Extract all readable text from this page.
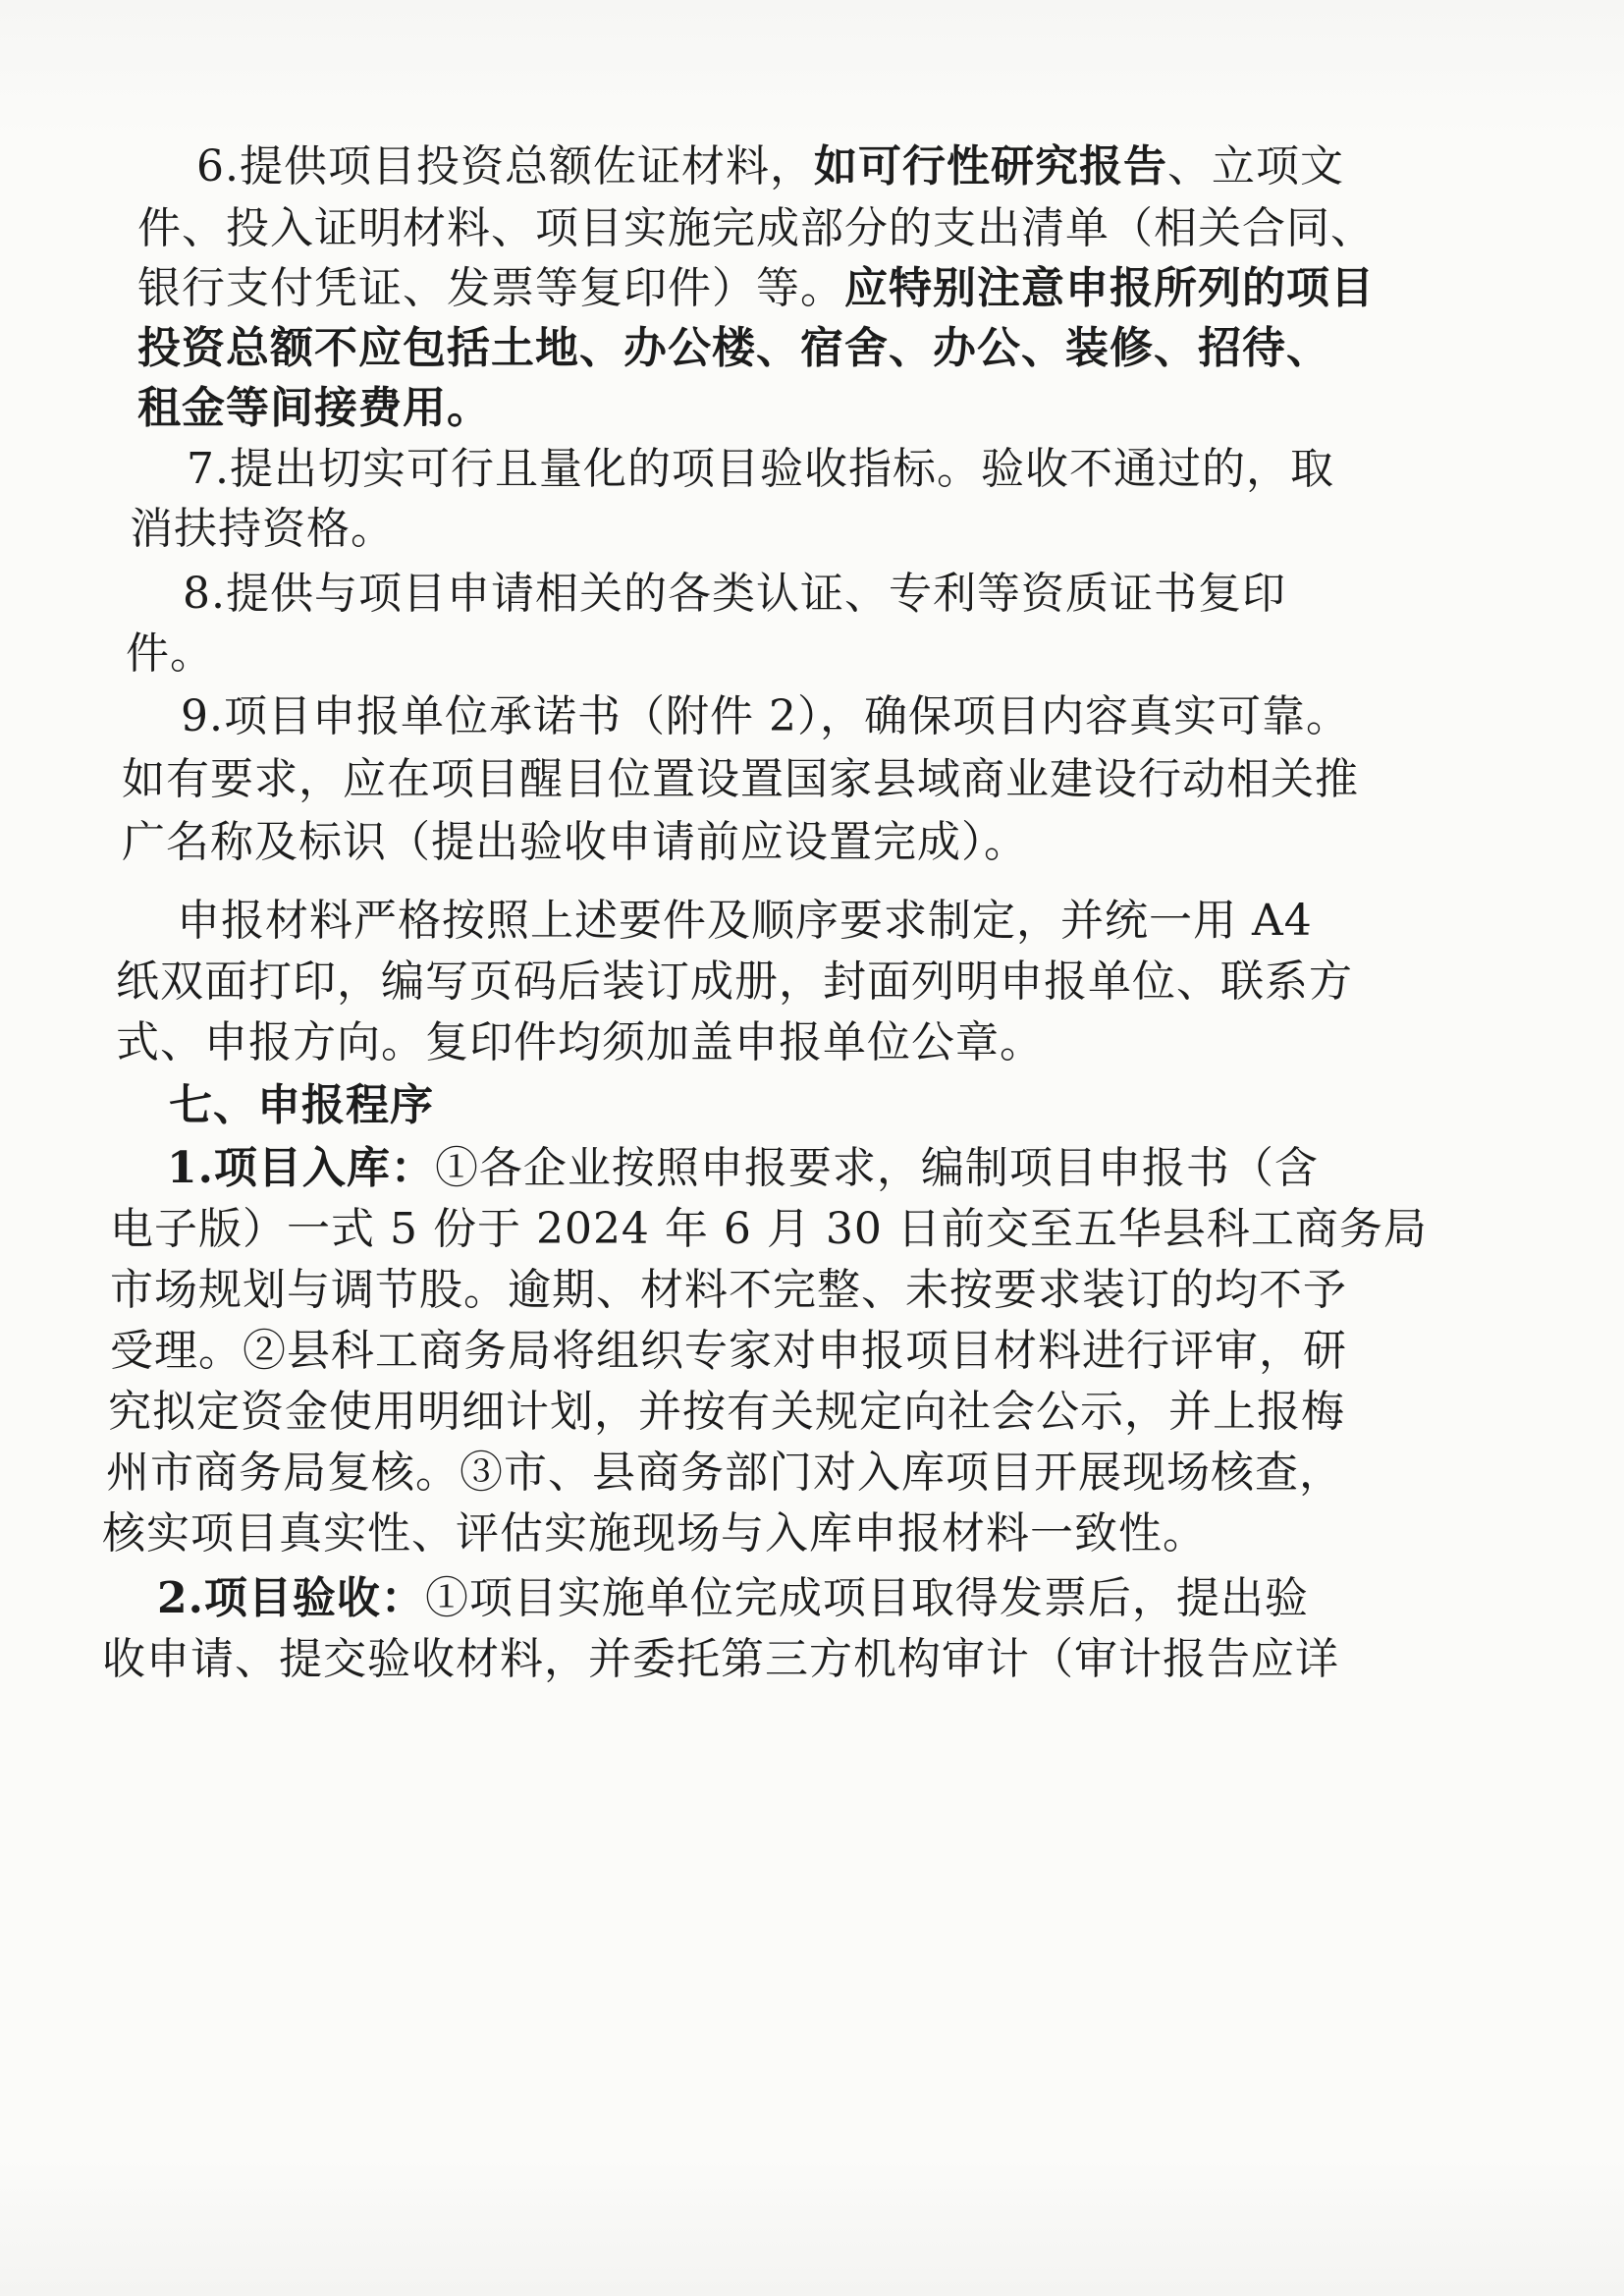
6.提供项目投资总额佐证材料，如可行性研究报告、立项文
件、投入证明材料、项目实施完成部分的支出清单（相关合同、
银行支付凭证、发票等复印件）等。应特别注意申报所列的项目
投资总额不应包括土地、办公楼、宿舍、办公、装修、招待、
租金等间接费用。
7.提出切实可行且量化的项目验收指标。验收不通过的，取
消扶持资格。
8.提供与项目申请相关的各类认证、专利等资质证书复印
件。
9.项目申报单位承诺书（附件 2），确保项目内容真实可靠。
如有要求，应在项目醒目位置设置国家县域商业建设行动相关推
广名称及标识（提出验收申请前应设置完成）。
申报材料严格按照上述要件及顺序要求制定，并统一用 A4
纸双面打印，编写页码后装订成册，封面列明申报单位、联系方
式、申报方向。复印件均须加盖申报单位公章。
七、申报程序
1.项目入库：①各企业按照申报要求，编制项目申报书（含
电子版）一式 5 份于 2024 年 6 月 30 日前交至五华县科工商务局
市场规划与调节股。逾期、材料不完整、未按要求装订的均不予
受理。②县科工商务局将组织专家对申报项目材料进行评审，研
究拟定资金使用明细计划，并按有关规定向社会公示，并上报梅
州市商务局复核。③市、县商务部门对入库项目开展现场核查，
核实项目真实性、评估实施现场与入库申报材料一致性。
2.项目验收：①项目实施单位完成项目取得发票后，提出验
收申请、提交验收材料，并委托第三方机构审计（审计报告应详
